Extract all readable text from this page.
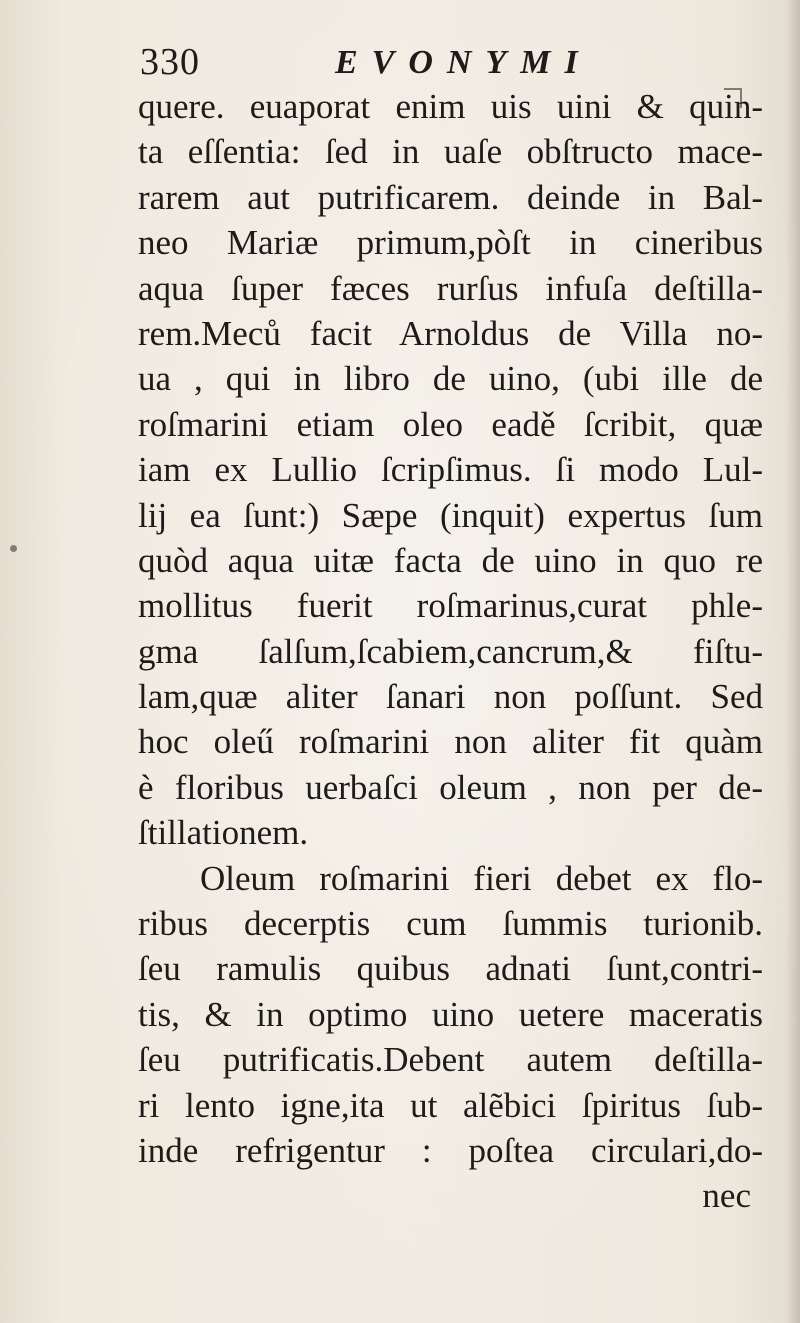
330	EVONYMI
quere. euaporat enim uis uini & quin-
ta eſſentia: ſed in uaſe obſtructo mace-
rarem aut putrificarem. deinde in Bal-
neo Mariæ primum,pòſt in cineribus
aqua ſuper fæces rurſus infuſa deſtilla-
rem.Meců facit Arnoldus de Villa no-
ua , qui in libro de uino, (ubi ille de
roſmarini etiam oleo eadě ſcribit, quæ
iam ex Lullio ſcripſimus. ſi modo Lul-
lij ea ſunt:) Sæpe (inquit) expertus ſum
quòd aqua uitæ facta de uino in quo re
mollitus fuerit roſmarinus,curat phle-
gma ſalſum,ſcabiem,cancrum,& fiſtu-
lam,quæ aliter ſanari non poſſunt. Sed
hoc oleű roſmarini non aliter fit quàm
è floribus uerbaſci oleum , non per de-
ſtillationem.
Oleum roſmarini fieri debet ex flo-
ribus decerptis cum ſummis turionib.
ſeu ramulis quibus adnati ſunt,contri-
tis, & in optimo uino uetere maceratis
ſeu putrificatis.Debent autem deſtilla-
ri lento igne,ita ut alẽbici ſpiritus ſub-
inde refrigentur : poſtea circulari,do-
nec
